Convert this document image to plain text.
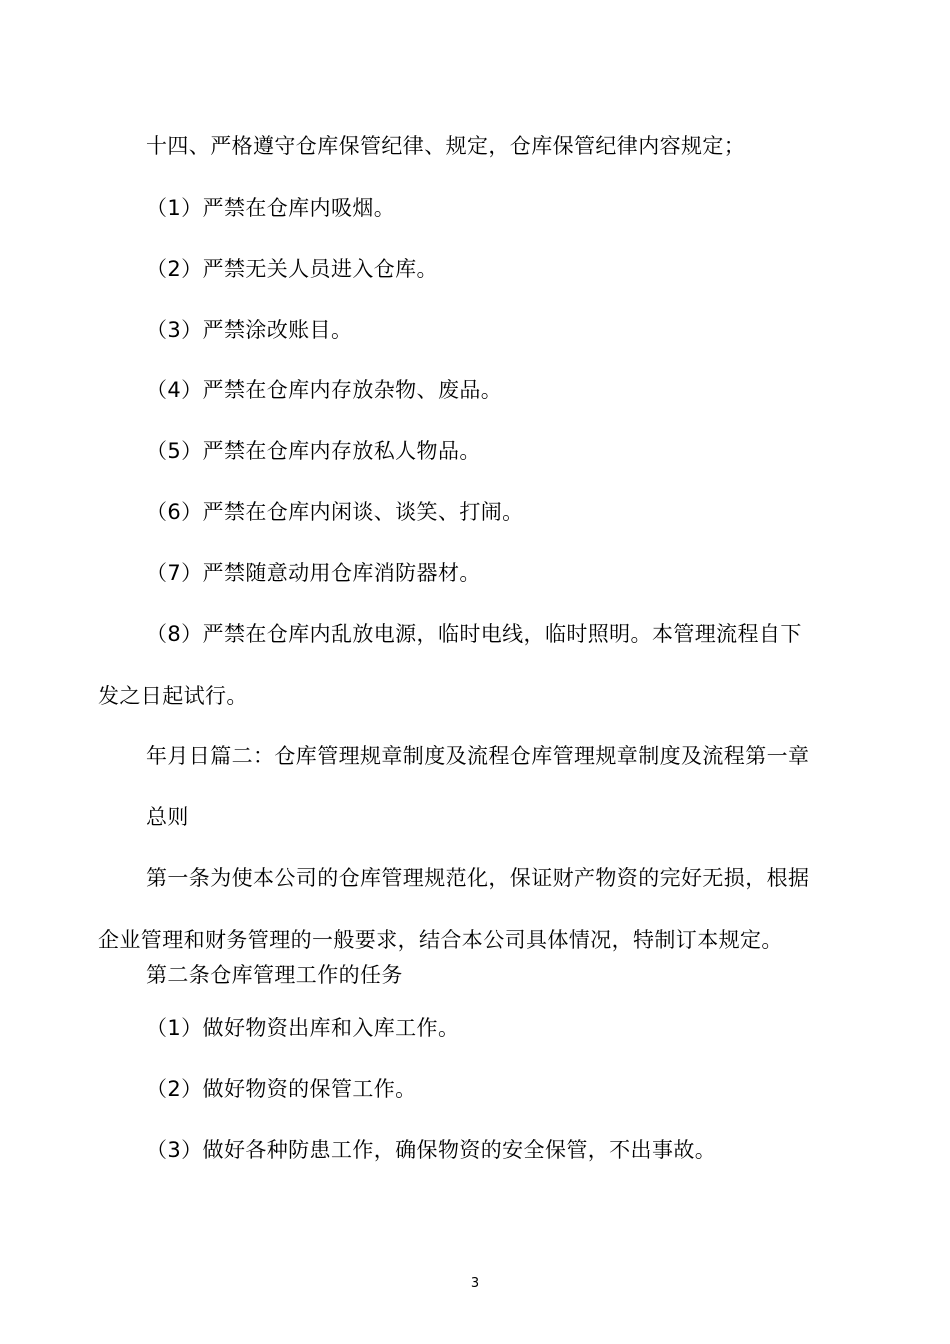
十四、严格遵守仓库保管纪律、规定，仓库保管纪律内容规定；
（1）严禁在仓库内吸烟。
（2）严禁无关人员进入仓库。
（3）严禁涂改账目。
（4）严禁在仓库内存放杂物、废品。
（5）严禁在仓库内存放私人物品。
（6）严禁在仓库内闲谈、谈笑、打闹。
（7）严禁随意动用仓库消防器材。
（8）严禁在仓库内乱放电源，临时电线，临时照明。本管理流程自下
发之日起试行。
年月日篇二：仓库管理规章制度及流程仓库管理规章制度及流程第一章
总则
第一条为使本公司的仓库管理规范化，保证财产物资的完好无损，根据
企业管理和财务管理的一般要求，结合本公司具体情况，特制订本规定。
第二条仓库管理工作的任务
（1）做好物资出库和入库工作。
（2）做好物资的保管工作。
（3）做好各种防患工作，确保物资的安全保管，不出事故。
3
